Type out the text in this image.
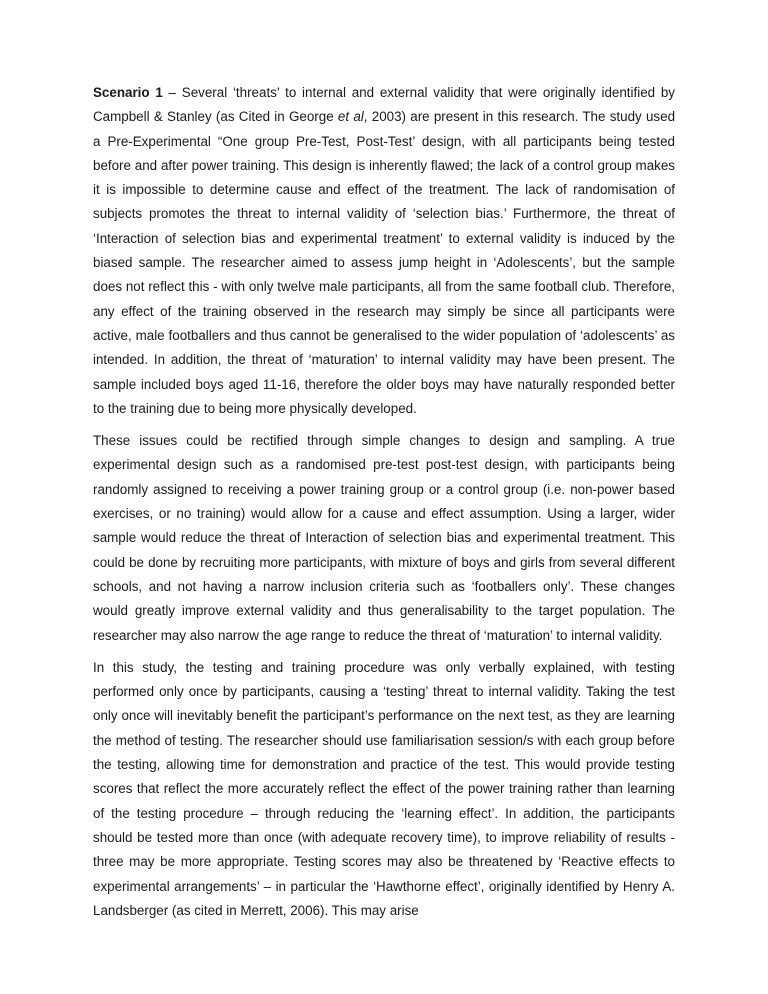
Scenario 1 – Several ‘threats’ to internal and external validity that were originally identified by Campbell & Stanley (as Cited in George et al, 2003) are present in this research. The study used a Pre-Experimental “One group Pre-Test, Post-Test’ design, with all participants being tested before and after power training. This design is inherently flawed; the lack of a control group makes it is impossible to determine cause and effect of the treatment. The lack of randomisation of subjects promotes the threat to internal validity of ‘selection bias.’ Furthermore, the threat of ‘Interaction of selection bias and experimental treatment’ to external validity is induced by the biased sample. The researcher aimed to assess jump height in ‘Adolescents’, but the sample does not reflect this - with only twelve male participants, all from the same football club. Therefore, any effect of the training observed in the research may simply be since all participants were active, male footballers and thus cannot be generalised to the wider population of ‘adolescents’ as intended. In addition, the threat of ‘maturation’ to internal validity may have been present. The sample included boys aged 11-16, therefore the older boys may have naturally responded better to the training due to being more physically developed.

These issues could be rectified through simple changes to design and sampling. A true experimental design such as a randomised pre-test post-test design, with participants being randomly assigned to receiving a power training group or a control group (i.e. non-power based exercises, or no training) would allow for a cause and effect assumption. Using a larger, wider sample would reduce the threat of Interaction of selection bias and experimental treatment. This could be done by recruiting more participants, with mixture of boys and girls from several different schools, and not having a narrow inclusion criteria such as ‘footballers only’. These changes would greatly improve external validity and thus generalisability to the target population. The researcher may also narrow the age range to reduce the threat of ‘maturation’ to internal validity.

In this study, the testing and training procedure was only verbally explained, with testing performed only once by participants, causing a ‘testing’ threat to internal validity. Taking the test only once will inevitably benefit the participant’s performance on the next test, as they are learning the method of testing. The researcher should use familiarisation session/s with each group before the testing, allowing time for demonstration and practice of the test. This would provide testing scores that reflect the more accurately reflect the effect of the power training rather than learning of the testing procedure – through reducing the ‘learning effect’. In addition, the participants should be tested more than once (with adequate recovery time), to improve reliability of results - three may be more appropriate. Testing scores may also be threatened by ‘Reactive effects to experimental arrangements’ – in particular the ‘Hawthorne effect’, originally identified by Henry A. Landsberger (as cited in Merrett, 2006). This may arise
